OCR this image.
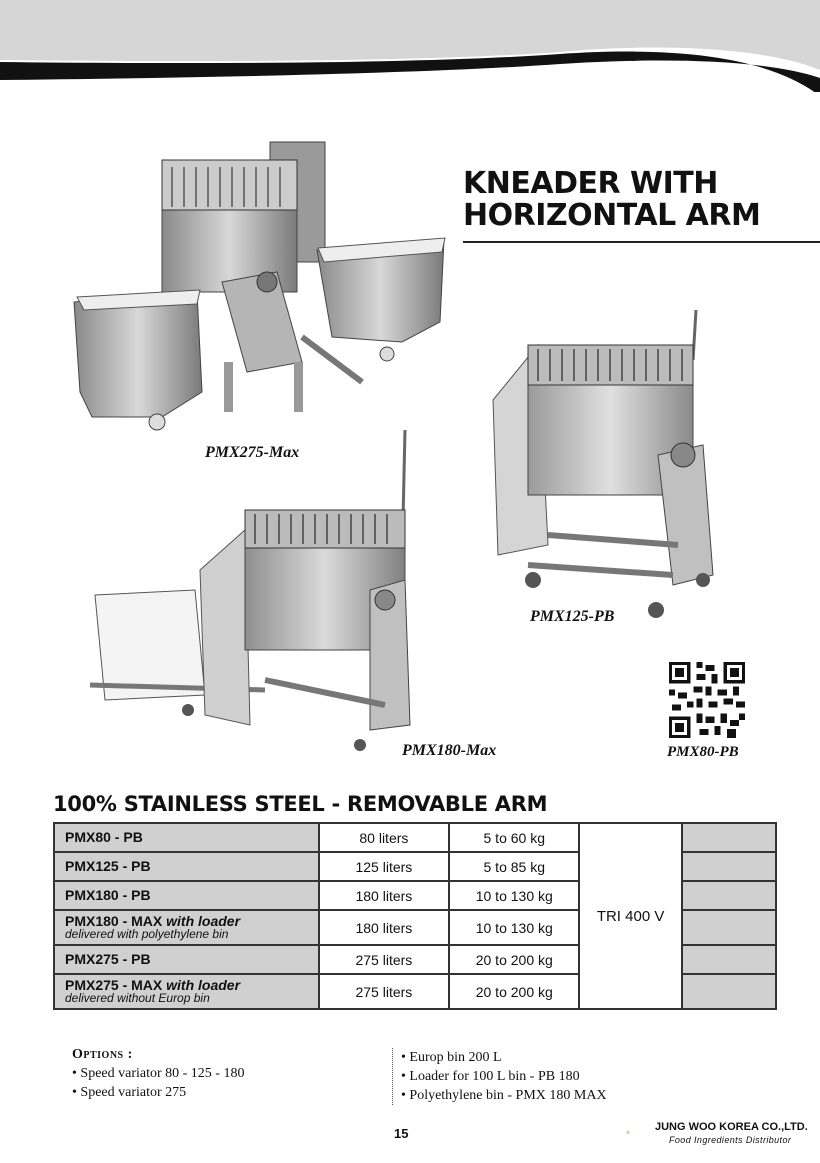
KNEADER WITH
HORIZONTAL ARM
PMX275-Max
PMX125-PB
PMX180-Max	PMX80-PB
100% STAINLESS STEEL - REMOVABLE ARM
PMX80 - PB	80 liters	5 to 60 kg	TRI 400 V	
PMX125 - PB	125 liters	5 to 85 kg		
PMX180 - PB	180 liters	10 to 130 kg		
PMX180 - MAX with loader
delivered with polyethylene bin	180 liters	10 to 130 kg		
PMX275 - PB	275 liters	20 to 200 kg		
PMX275 - MAX with loader
delivered without Europ bin	275 liters	20 to 200 kg		
Options :
• Speed variator 80 - 125 - 180
• Speed variator 275
• Europ bin 200 L
• Loader for 100 L bin - PB 180
• Polyethylene bin - PMX 180 MAX
15	JUNG WOO KOREA CO.,LTD.
Food Ingredients Distributor
